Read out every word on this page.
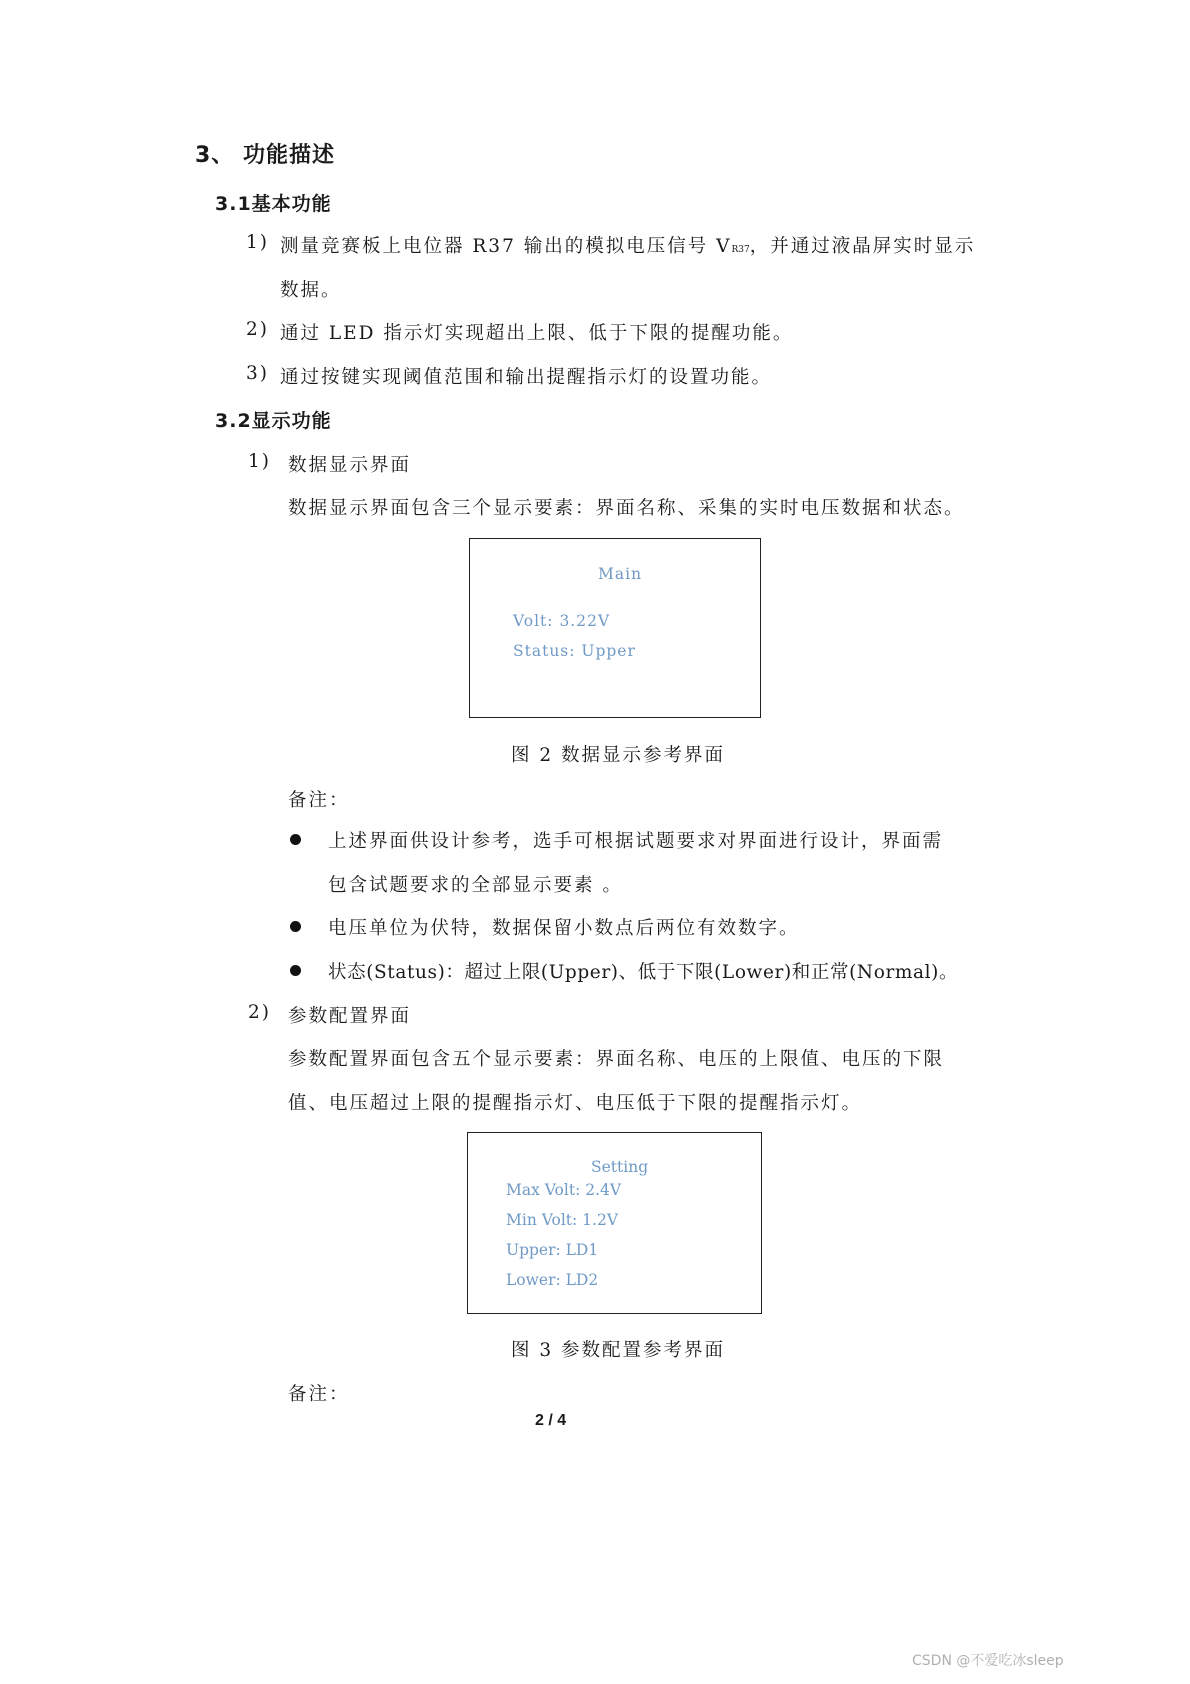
3、 功能描述
3.1基本功能
1) 测量竞赛板上电位器 R37 输出的模拟电压信号 VR37，并通过液晶屏实时显示
数据。
2) 通过 LED 指示灯实现超出上限、低于下限的提醒功能。
3) 通过按键实现阈值范围和输出提醒指示灯的设置功能。
3.2显示功能
1) 数据显示界面
数据显示界面包含三个显示要素：界面名称、采集的实时电压数据和状态。
Main
Volt: 3.22V
Status: Upper
图 2 数据显示参考界面
备注：
上述界面供设计参考，选手可根据试题要求对界面进行设计，界面需
包含试题要求的全部显示要素 。
电压单位为伏特，数据保留小数点后两位有效数字。
状态(Status)：超过上限(Upper)、低于下限(Lower)和正常(Normal)。
2) 参数配置界面
参数配置界面包含五个显示要素：界面名称、电压的上限值、电压的下限
值、电压超过上限的提醒指示灯、电压低于下限的提醒指示灯。
Setting
Max Volt: 2.4V
Min Volt: 1.2V
Upper: LD1
Lower: LD2
图 3 参数配置参考界面
备注：
2 / 4
CSDN @不爱吃冰sleep
